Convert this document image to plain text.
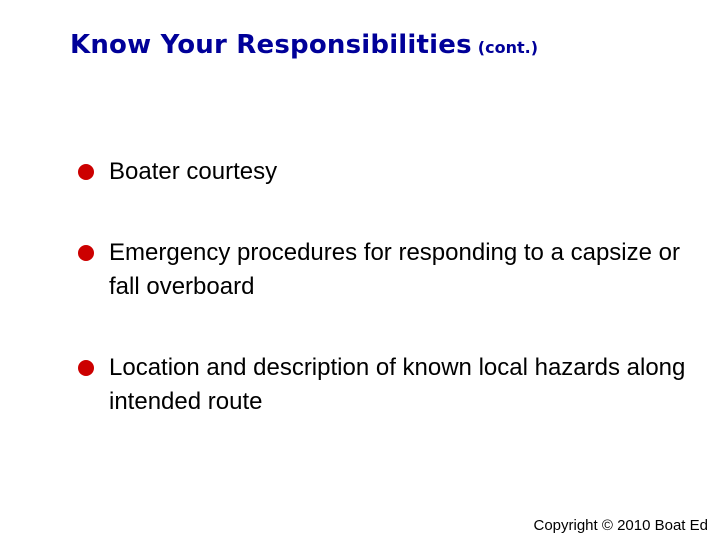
Know Your Responsibilities (cont.)
Boater courtesy
Emergency procedures for responding to a capsize or fall overboard
Location and description of known local hazards along intended route
Copyright © 2010 Boat Ed
